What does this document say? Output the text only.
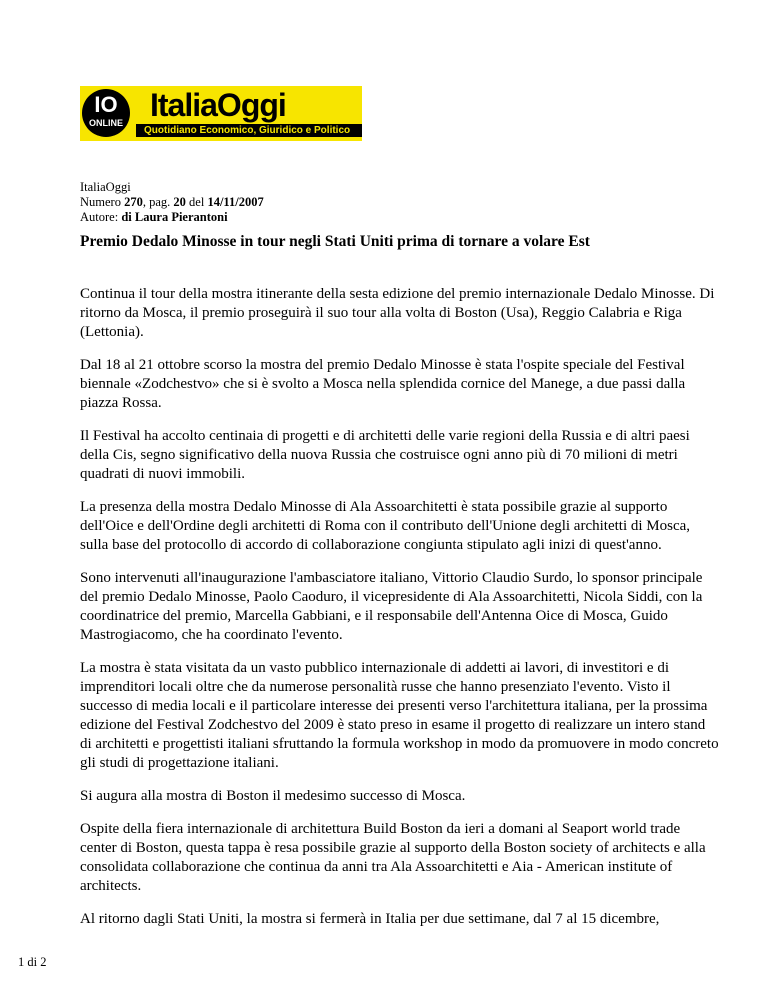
IO
ONLINE ItaliaOggi
Quotidiano Economico, Giuridico e Politico
ItaliaOggi
Numero 270, pag. 20 del 14/11/2007
Autore: di Laura Pierantoni
Premio Dedalo Minosse in tour negli Stati Uniti prima di tornare a volare Est

Continua il tour della mostra itinerante della sesta edizione del premio internazionale Dedalo Minosse. Di ritorno da Mosca, il premio proseguirà il suo tour alla volta di Boston (Usa), Reggio Calabria e Riga (Lettonia).

Dal 18 al 21 ottobre scorso la mostra del premio Dedalo Minosse è stata l'ospite speciale del Festival biennale «Zodchestvo» che si è svolto a Mosca nella splendida cornice del Manege, a due passi dalla piazza Rossa.

Il Festival ha accolto centinaia di progetti e di architetti delle varie regioni della Russia e di altri paesi della Cis, segno significativo della nuova Russia che costruisce ogni anno più di 70 milioni di metri quadrati di nuovi immobili.

La presenza della mostra Dedalo Minosse di Ala Assoarchitetti è stata possibile grazie al supporto dell'Oice e dell'Ordine degli architetti di Roma con il contributo dell'Unione degli architetti di Mosca, sulla base del protocollo di accordo di collaborazione congiunta stipulato agli inizi di quest'anno.

Sono intervenuti all'inaugurazione l'ambasciatore italiano, Vittorio Claudio Surdo, lo sponsor principale del premio Dedalo Minosse, Paolo Caoduro, il vicepresidente di Ala Assoarchitetti, Nicola Siddi, con la coordinatrice del premio, Marcella Gabbiani, e il responsabile dell'Antenna Oice di Mosca, Guido Mastrogiacomo, che ha coordinato l'evento.

La mostra è stata visitata da un vasto pubblico internazionale di addetti ai lavori, di investitori e di imprenditori locali oltre che da numerose personalità russe che hanno presenziato l'evento. Visto il successo di media locali e il particolare interesse dei presenti verso l'architettura italiana, per la prossima edizione del Festival Zodchestvo del 2009 è stato preso in esame il progetto di realizzare un intero stand di architetti e progettisti italiani sfruttando la formula workshop in modo da promuovere in modo concreto gli studi di progettazione italiani.

Si augura alla mostra di Boston il medesimo successo di Mosca.

Ospite della fiera internazionale di architettura Build Boston da ieri a domani al Seaport world trade center di Boston, questa tappa è resa possibile grazie al supporto della Boston society of architects e alla consolidata collaborazione che continua da anni tra Ala Assoarchitetti e Aia - American institute of architects.

Al ritorno dagli Stati Uniti, la mostra si fermerà in Italia per due settimane, dal 7 al 15 dicembre,

1 di 2
